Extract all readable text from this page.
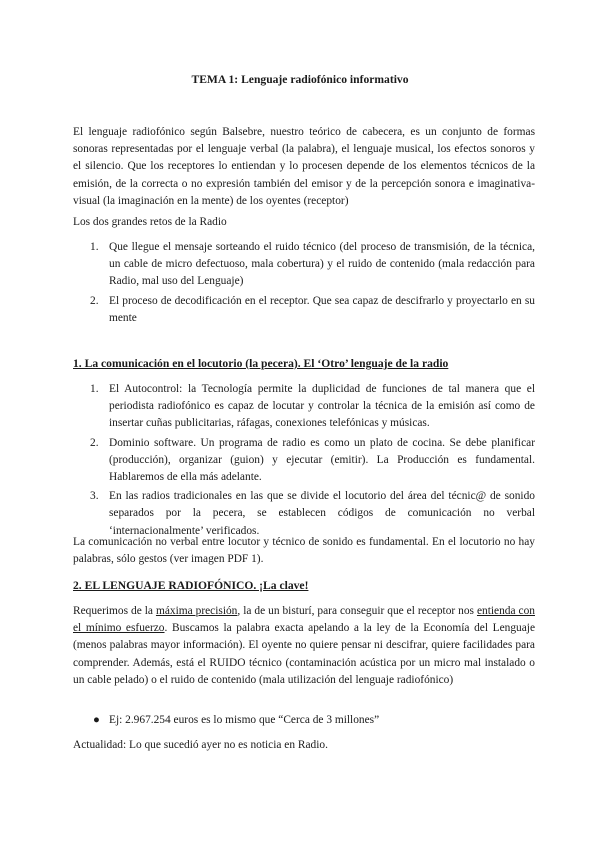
TEMA 1: Lenguaje radiofónico informativo
El lenguaje radiofónico según Balsebre, nuestro teórico de cabecera, es un conjunto de formas sonoras representadas por el lenguaje verbal (la palabra), el lenguaje musical, los efectos sonoros y el silencio. Que los receptores lo entiendan y lo procesen depende de los elementos técnicos de la emisión, de la correcta o no expresión también del emisor y de la percepción sonora e imaginativa-visual (la imaginación en la mente) de los oyentes (receptor)
Los dos grandes retos de la Radio
1. Que llegue el mensaje sorteando el ruido técnico (del proceso de transmisión, de la técnica, un cable de micro defectuoso, mala cobertura) y el ruido de contenido (mala redacción para Radio, mal uso del Lenguaje)
2. El proceso de decodificación en el receptor. Que sea capaz de descifrarlo y proyectarlo en su mente
1. La comunicación en el locutorio (la pecera). El ‘Otro’ lenguaje de la radio
1. El Autocontrol: la Tecnología permite la duplicidad de funciones de tal manera que el periodista radiofónico es capaz de locutar y controlar la técnica de la emisión así como de insertar cuñas publicitarias, ráfagas, conexiones telefónicas y músicas.
2. Dominio software. Un programa de radio es como un plato de cocina. Se debe planificar (producción), organizar (guion) y ejecutar (emitir). La Producción es fundamental. Hablaremos de ella más adelante.
3. En las radios tradicionales en las que se divide el locutorio del área del técnic@ de sonido separados por la pecera, se establecen códigos de comunicación no verbal ‘internacionalmente’ verificados.
La comunicación no verbal entre locutor y técnico de sonido es fundamental. En el locutorio no hay palabras, sólo gestos (ver imagen PDF 1).
2. EL LENGUAJE RADIOFÓNICO. ¡La clave!
Requerimos de la máxima precisión, la de un bisturí, para conseguir que el receptor nos entienda con el mínimo esfuerzo. Buscamos la palabra exacta apelando a la ley de la Economía del Lenguaje (menos palabras mayor información). El oyente no quiere pensar ni descifrar, quiere facilidades para comprender. Además, está el RUIDO técnico (contaminación acústica por un micro mal instalado o un cable pelado) o el ruido de contenido (mala utilización del lenguaje radiofónico)
● Ej: 2.967.254 euros es lo mismo que “Cerca de 3 millones”
Actualidad: Lo que sucedió ayer no es noticia en Radio.
